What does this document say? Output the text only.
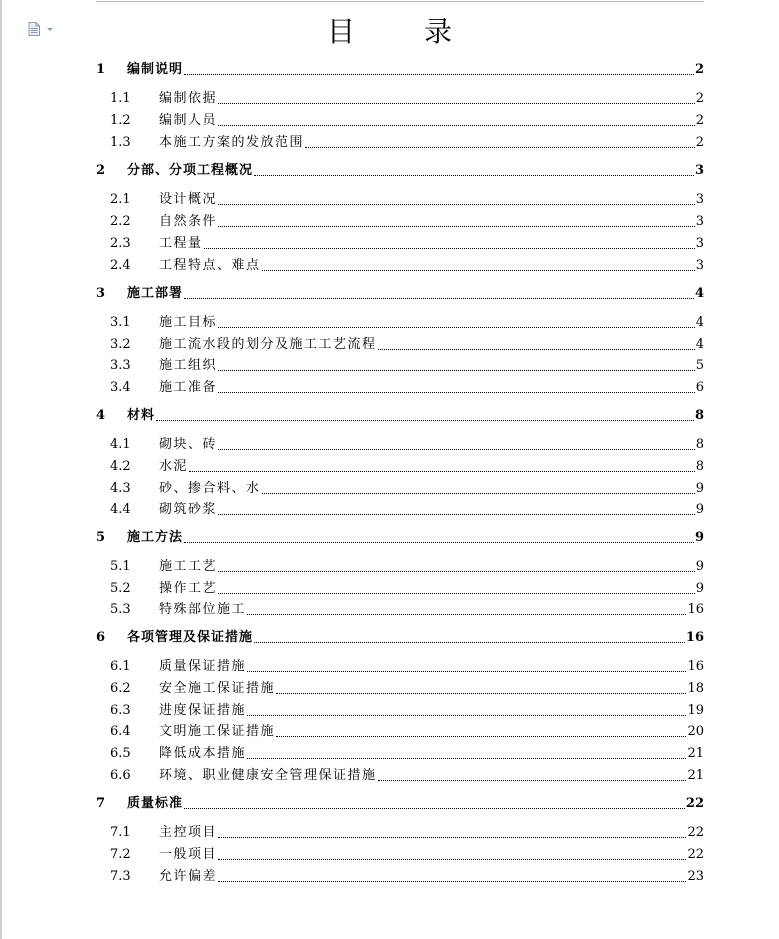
目 录
1	编制说明	2
1.1	编制依据	2
1.2	编制人员	2
1.3	本施工方案的发放范围	2
2	分部、分项工程概况	3
2.1	设计概况	3
2.2	自然条件	3
2.3	工程量	3
2.4	工程特点、难点	3
3	施工部署	4
3.1	施工目标	4
3.2	施工流水段的划分及施工工艺流程	4
3.3	施工组织	5
3.4	施工准备	6
4	材料	8
4.1	砌块、砖	8
4.2	水泥	8
4.3	砂、掺合料、水	9
4.4	砌筑砂浆	9
5	施工方法	9
5.1	施工工艺	9
5.2	操作工艺	9
5.3	特殊部位施工	16
6	各项管理及保证措施	16
6.1	质量保证措施	16
6.2	安全施工保证措施	18
6.3	进度保证措施	19
6.4	文明施工保证措施	20
6.5	降低成本措施	21
6.6	环境、职业健康安全管理保证措施	21
7	质量标准	22
7.1	主控项目	22
7.2	一般项目	22
7.3	允许偏差	23
